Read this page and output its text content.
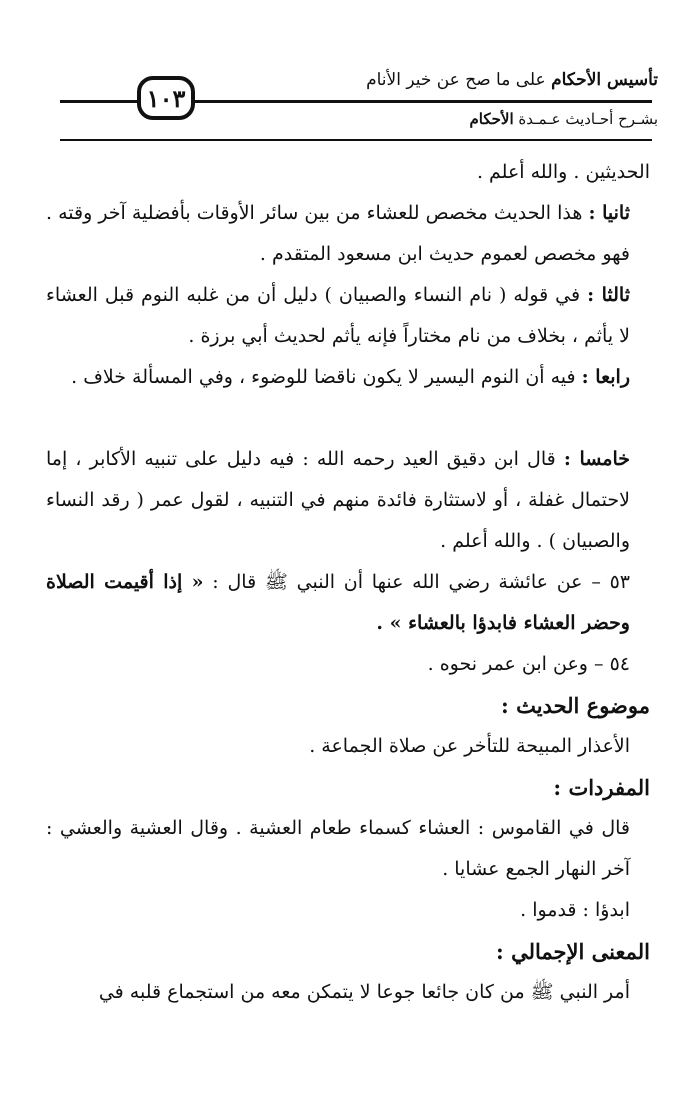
تأسيس الأحكام على ما صح عن خير الأنام
١٠٣
بشـرح أحـاديث عـمـدة الأحكام

الحديثين . والله أعلم .

ثانيا : هذا الحديث مخصص للعشاء من بين سائر الأوقات بأفضلية آخر وقته . فهو مخصص لعموم حديث ابن مسعود المتقدم .

ثالثا : في قوله ( نام النساء والصبيان ) دليل أن من غلبه النوم قبل العشاء لا يأثم ، بخلاف من نام مختاراً فإنه يأثم لحديث أبي برزة .

رابعا : فيه أن النوم اليسير لا يكون ناقضا للوضوء ، وفي المسألة خلاف .

خامسا : قال ابن دقيق العيد رحمه الله : فيه دليل على تنبيه الأكابر ، إما لاحتمال غفلة ، أو لاستثارة فائدة منهم في التنبيه ، لقول عمر ( رقد النساء والصبيان ) . والله أعلم .

٥٣ – عن عائشة رضي الله عنها أن النبي ﷺ قال : « إذا أقيمت الصلاة وحضر العشاء فابدؤا بالعشاء » .

٥٤ – وعن ابن عمر نحوه .

موضوع الحديث :

الأعذار المبيحة للتأخر عن صلاة الجماعة .

المفردات :

قال في القاموس : العشاء كسماء طعام العشية . وقال العشية والعشي : آخر النهار الجمع عشايا .

ابدؤا : قدموا .

المعنى الإجمالي :

أمر النبي ﷺ من كان جائعا جوعا لا يتمكن معه من استجماع قلبه في
